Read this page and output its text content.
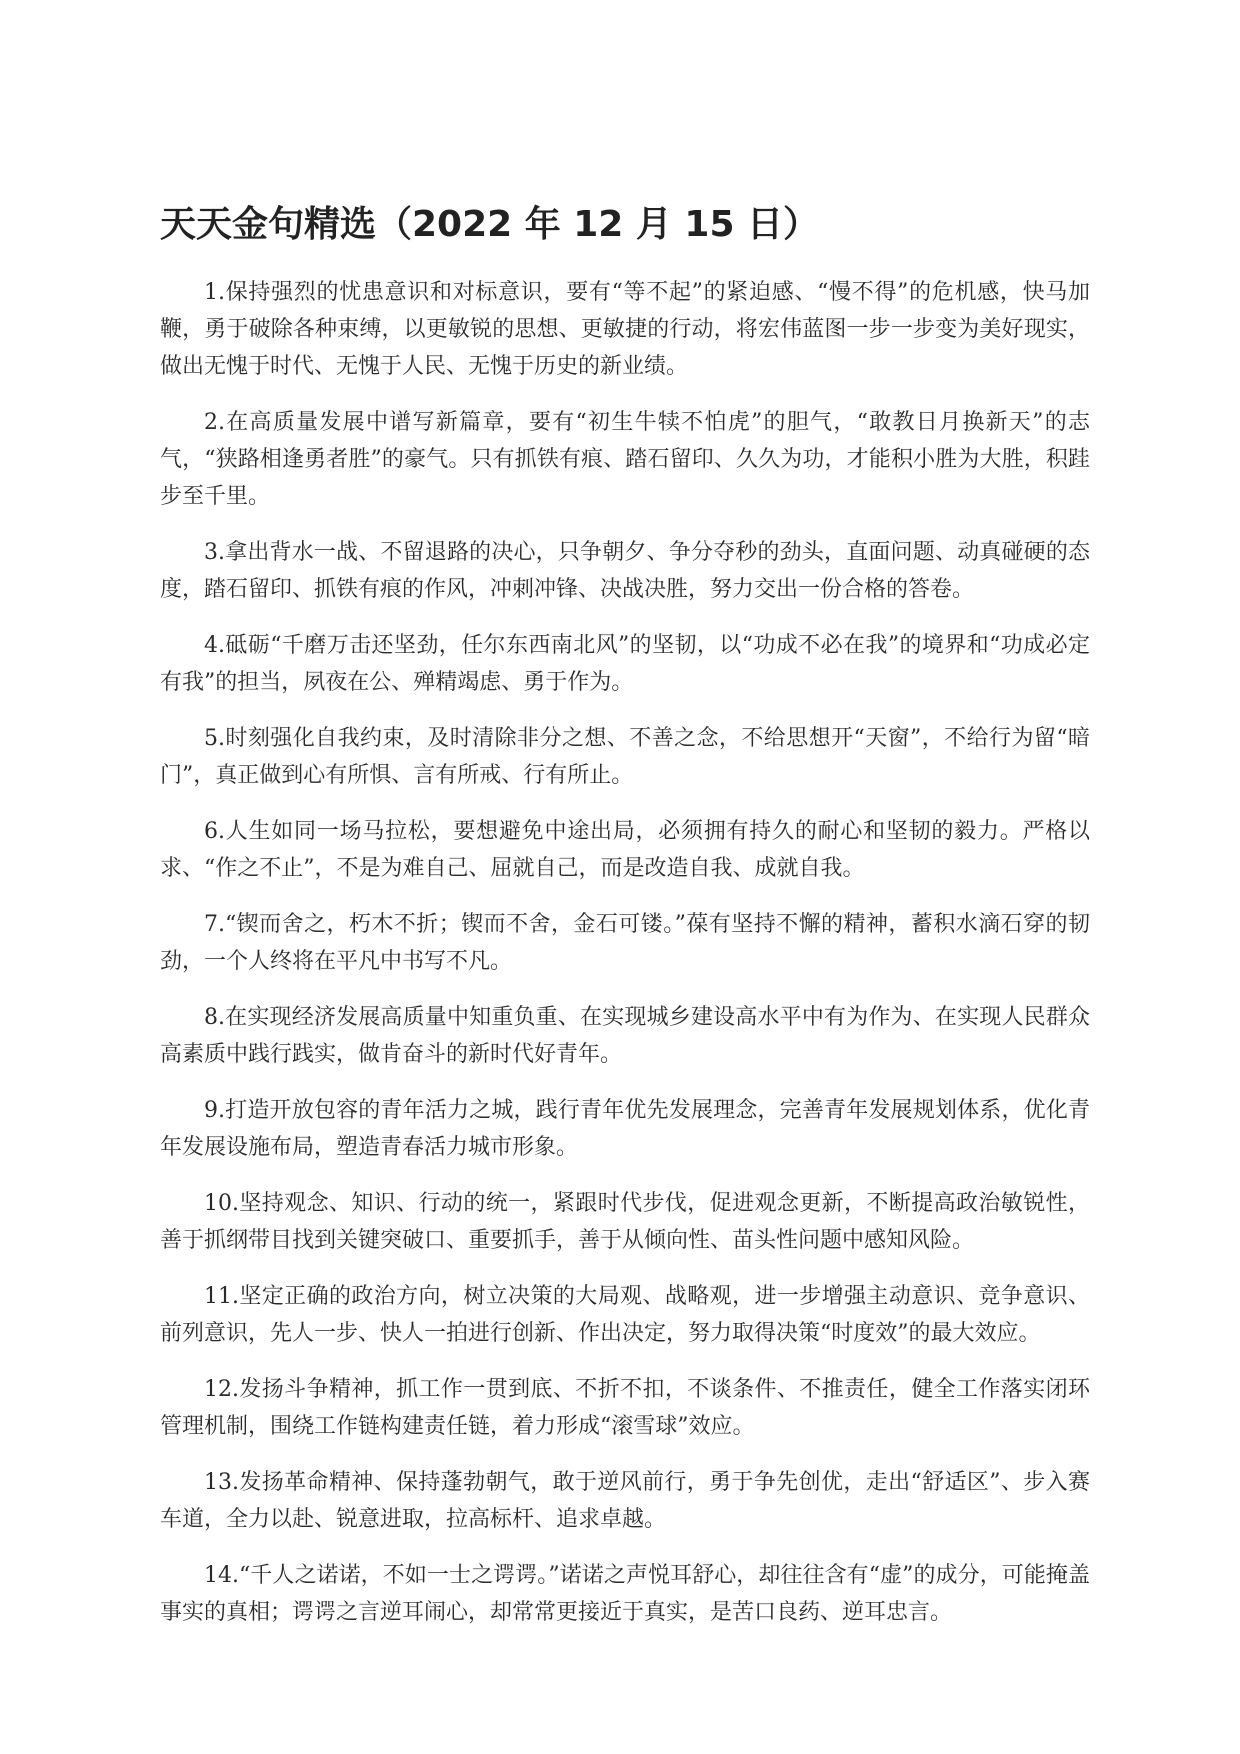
天天金句精选（2022 年 12 月 15 日）

1.保持强烈的忧患意识和对标意识，要有“等不起”的紧迫感、“慢不得”的危机感，快马加鞭，勇于破除各种束缚，以更敏锐的思想、更敏捷的行动，将宏伟蓝图一步一步变为美好现实，做出无愧于时代、无愧于人民、无愧于历史的新业绩。

2.在高质量发展中谱写新篇章，要有“初生牛犊不怕虎”的胆气，“敢教日月换新天”的志气，“狭路相逢勇者胜”的豪气。只有抓铁有痕、踏石留印、久久为功，才能积小胜为大胜，积跬步至千里。

3.拿出背水一战、不留退路的决心，只争朝夕、争分夺秒的劲头，直面问题、动真碰硬的态度，踏石留印、抓铁有痕的作风，冲刺冲锋、决战决胜，努力交出一份合格的答卷。

4.砥砺“千磨万击还坚劲，任尔东西南北风”的坚韧，以“功成不必在我”的境界和“功成必定有我”的担当，夙夜在公、殚精竭虑、勇于作为。

5.时刻强化自我约束，及时清除非分之想、不善之念，不给思想开“天窗”，不给行为留“暗门”，真正做到心有所惧、言有所戒、行有所止。

6.人生如同一场马拉松，要想避免中途出局，必须拥有持久的耐心和坚韧的毅力。严格以求、“作之不止”，不是为难自己、屈就自己，而是改造自我、成就自我。

7.“锲而舍之，朽木不折；锲而不舍，金石可镂。”葆有坚持不懈的精神，蓄积水滴石穿的韧劲，一个人终将在平凡中书写不凡。

8.在实现经济发展高质量中知重负重、在实现城乡建设高水平中有为作为、在实现人民群众高素质中践行践实，做肯奋斗的新时代好青年。

9.打造开放包容的青年活力之城，践行青年优先发展理念，完善青年发展规划体系，优化青年发展设施布局，塑造青春活力城市形象。

10.坚持观念、知识、行动的统一，紧跟时代步伐，促进观念更新，不断提高政治敏锐性，善于抓纲带目找到关键突破口、重要抓手，善于从倾向性、苗头性问题中感知风险。

11.坚定正确的政治方向，树立决策的大局观、战略观，进一步增强主动意识、竞争意识、前列意识，先人一步、快人一拍进行创新、作出决定，努力取得决策“时度效”的最大效应。

12.发扬斗争精神，抓工作一贯到底、不折不扣，不谈条件、不推责任，健全工作落实闭环管理机制，围绕工作链构建责任链，着力形成“滚雪球”效应。

13.发扬革命精神、保持蓬勃朝气，敢于逆风前行，勇于争先创优，走出“舒适区”、步入赛车道，全力以赴、锐意进取，拉高标杆、追求卓越。

14.“千人之诺诺，不如一士之谔谔。”诺诺之声悦耳舒心，却往往含有“虚”的成分，可能掩盖事实的真相；谔谔之言逆耳闹心，却常常更接近于真实，是苦口良药、逆耳忠言。
